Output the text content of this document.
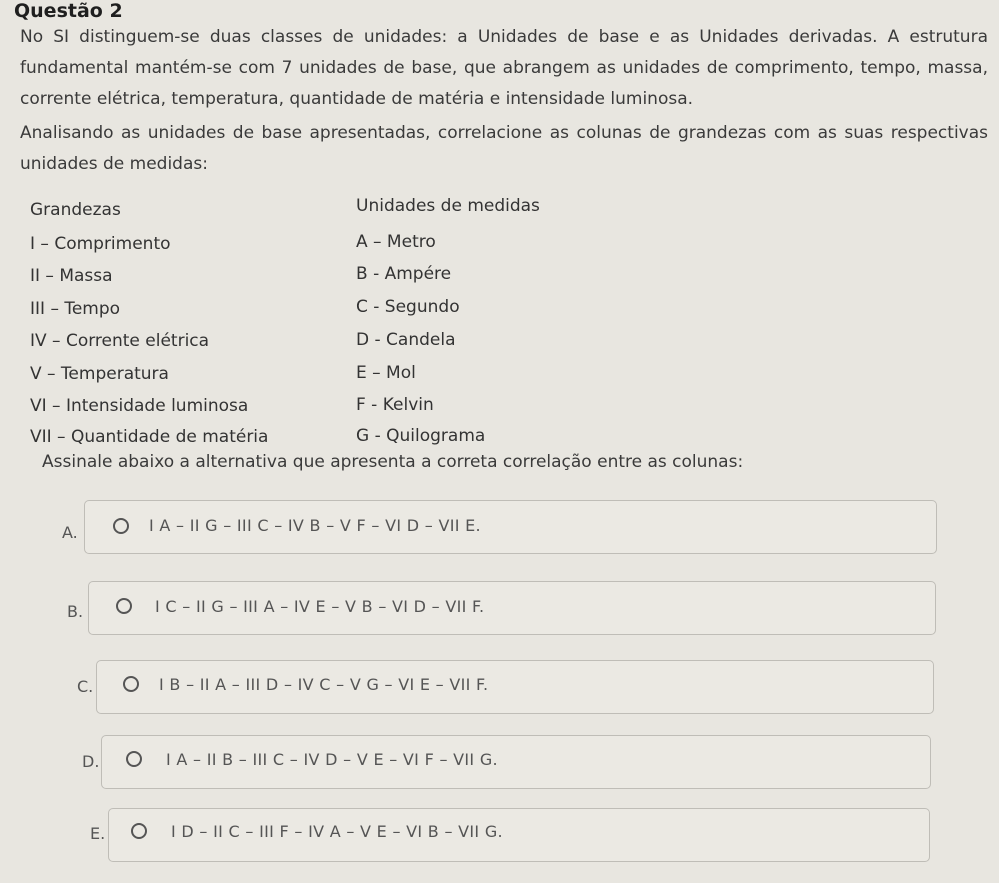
Questão 2
No SI distinguem-se duas classes de unidades: a Unidades de base e as Unidades derivadas. A estrutura fundamental mantém-se com 7 unidades de base, que abrangem as unidades de comprimento, tempo, massa, corrente elétrica, temperatura, quantidade de matéria e intensidade luminosa.
Analisando as unidades de base apresentadas, correlacione as colunas de grandezas com as suas respectivas unidades de medidas:
Grandezas	Unidades de medidas
I – Comprimento	A – Metro
II – Massa	B - Ampére
III – Tempo	C - Segundo
IV – Corrente elétrica	D - Candela
V – Temperatura	E – Mol
VI – Intensidade luminosa	F - Kelvin
VII – Quantidade de matéria	G - Quilograma
Assinale abaixo a alternativa que apresenta a correta correlação entre as colunas:
I A – II G – III C – IV B – V F – VI D – VII E.
A.
I C – II G – III A – IV E – V B – VI D – VII F.
B.
I B – II A – III D – IV C – V G – VI E – VII F.
C.
I A – II B – III C – IV D – V E – VI F – VII G.
D.
I D – II C – III F – IV A – V E – VI B – VII G.
E.
